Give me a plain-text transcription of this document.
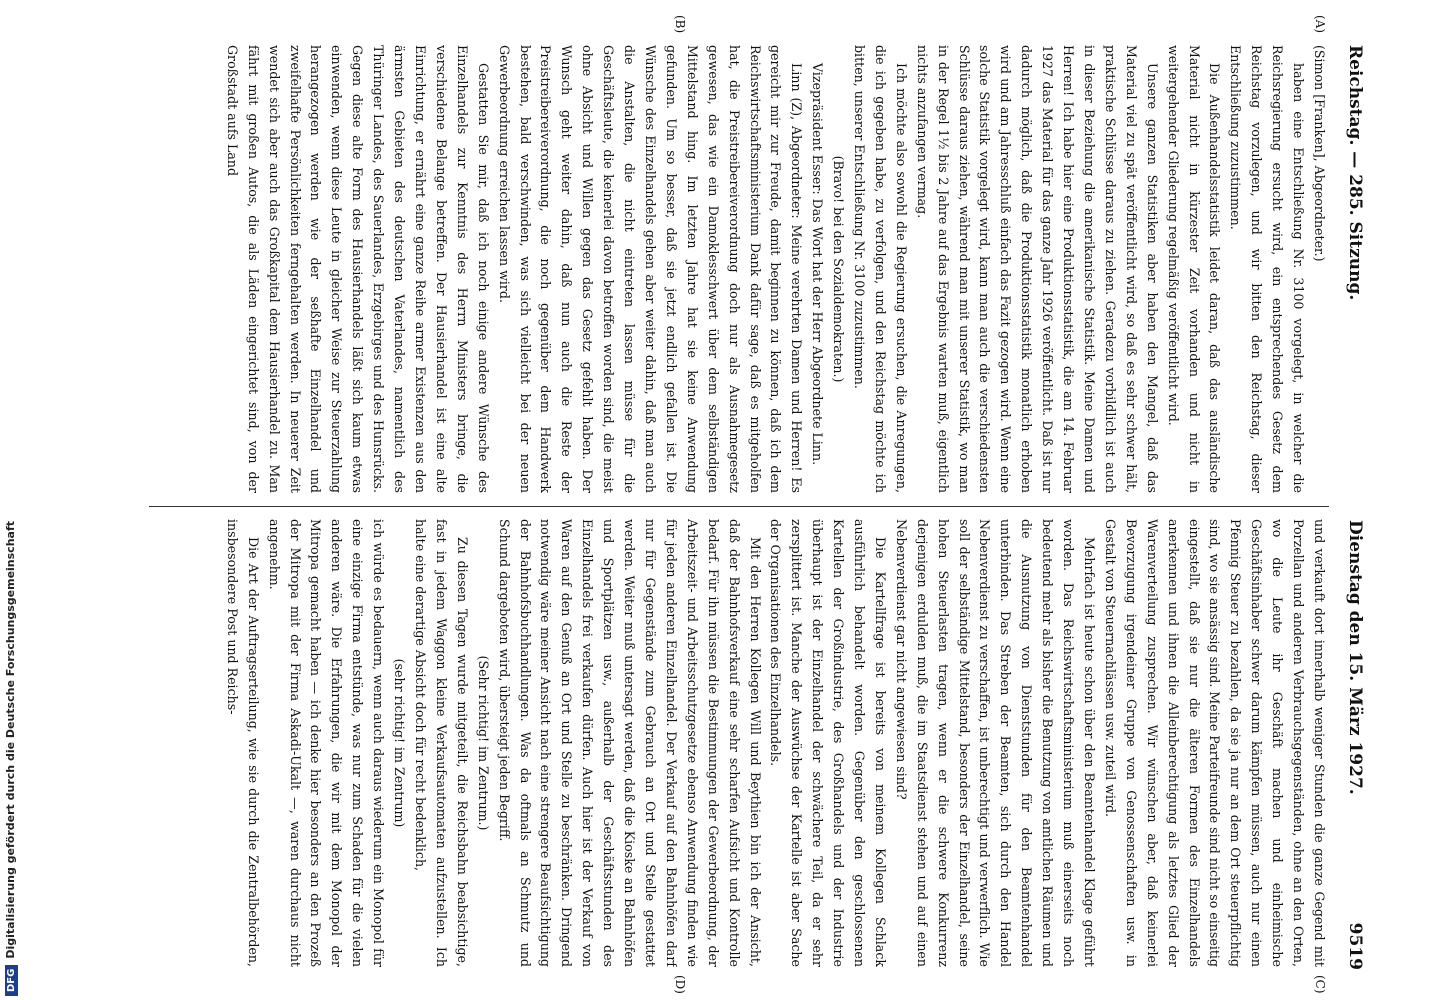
Reichstag. — 285. Sitzung.
Dienstag den 15. März 1927.
9519
(A)
(B)
(C)
(D)

(Simon [Franken], Abgeordneter.)

haben eine Entschließung Nr. 3100 vorgelegt, in welcher die Reichsregierung ersucht wird, ein entsprechendes Gesetz dem Reichstag vorzulegen, und wir bitten den Reichstag, dieser Entschließung zuzustimmen.

Die Außenhandelsstatistik leidet daran, daß das ausländische Material nicht in kürzester Zeit vorhanden und nicht in weitergehender Gliederung regelmäßig veröffentlicht wird.

Unsere ganzen Statistiken aber haben den Mangel, daß das Material viel zu spät veröffentlicht wird, so daß es sehr schwer hält, praktische Schlüsse daraus zu ziehen. Geradezu vorbildlich ist auch in dieser Beziehung die amerikanische Statistik. Meine Damen und Herren! Ich habe hier eine Produktionsstatistik, die am 14. Februar 1927 das Material für das ganze Jahr 1926 veröffentlicht. Daß ist nur dadurch möglich, daß die Produktionsstatistik monatlich erhoben wird und am Jahresschluß einfach das Fazit gezogen wird. Wenn eine solche Statistik vorgelegt wird, kann man auch die verschiedensten Schlüsse daraus ziehen, während man mit unserer Statistik, wo man in der Regel 1½ bis 2 Jahre auf das Ergebnis warten muß, eigentlich nichts anzufangen vermag.

Ich möchte also sowohl die Regierung ersuchen, die Anregungen, die ich gegeben habe, zu verfolgen, und den Reichstag möchte ich bitten, unserer Entschließung Nr. 3100 zuzustimmen.

(Bravo! bei den Sozialdemokraten.)

Vizepräsident Esser: Das Wort hat der Herr Abgeordnete Linn.

Linn (Z), Abgeordneter: Meine verehrten Damen und Herren! Es gereicht mir zur Freude, damit beginnen zu können, daß ich dem Reichswirtschaftsministerium Dank dafür sage, daß es mitgeholfen hat, die Preistreibereiverordnung doch nur als Ausnahmegesetz gewesen, das wie ein Damoklesschwert über dem selbständigen Mittelstand hing. Im letzten Jahre hat sie keine Anwendung gefunden. Um so besser, daß sie jetzt endlich gefallen ist. Die Wünsche des Einzelhandels gehen aber weiter dahin, daß man auch die Anstalten, die nicht eintreten lassen müsse für die Geschäftsleute, die keinerlei davon betroffen worden sind, die meist ohne Absicht und Willen gegen das Gesetz gefehlt haben. Der Wunsch geht weiter dahin, daß nun auch die Reste der Preistreibereiverordnung, die noch gegenüber dem Handwerk bestehen, bald verschwinden, was sich vielleicht bei der neuen Gewerbeordnung erreichen lassen wird.

Gestatten Sie mir, daß ich noch einige andere Wünsche des Einzelhandels zur Kenntnis des Herrn Ministers bringe, die verschiedene Belange betreffen. Der Hausierhandel ist eine alte Einrichtung, er ernährt eine ganze Reihe armer Existenzen aus den ärmsten Gebieten des deutschen Vaterlandes, namentlich des Thüringer Landes, des Sauerlandes, Erzgebirges und des Hunsrücks. Gegen diese alte Form des Hausierhandels läßt sich kaum etwas einwenden, wenn diese Leute in gleicher Weise zur Steuerzahlung herangezogen werden wie der seßhafte Einzelhandel und zweifelhafte Persönlichkeiten ferngehalten werden. In neuerer Zeit wendet sich aber auch das Großkapital dem Hausierhandel zu. Man fährt mit großen Autos, die als Läden eingerichtet sind, von der Großstadt aufs Land

und verkauft dort innerhalb weniger Stunden die ganze Gegend mit Porzellan und anderen Verbrauchsgegenständen, ohne an den Orten, wo die Leute ihr Geschäft machen und einheimische Geschäftsinhaber schwer darum kämpfen müssen, auch nur einen Pfennig Steuer zu bezahlen, da sie ja nur an dem Ort steuerpflichtig sind, wo sie ansässig sind. Meine Parteifreunde sind nicht so einseitig eingestellt, daß sie nur die älteren Formen des Einzelhandels anerkennen und ihnen die Alleinberechtigung als letztes Glied der Warenverteilung zusprechen. Wir wünschen aber, daß keinerlei Bevorzugung irgendeiner Gruppe von Genossenschaften usw. in Gestalt von Steuernachlässen usw. zuteil wird.

Mehrfach ist heute schon über den Beamtenhandel Klage geführt worden. Das Reichswirtschaftsministerium muß einerseits noch bedeutend mehr als bisher die Benutzung von amtlichen Räumen und die Ausnutzung von Dienststunden für den Beamtenhandel unterbinden. Das Streben der Beamten, sich durch den Handel Nebenverdienst zu verschaffen, ist unberechtigt und verwerflich. Wie soll der selbständige Mittelstand, besonders der Einzelhandel, seine hohen Steuerlasten tragen, wenn er die schwere Konkurrenz derjenigen erdulden muß, die im Staatsdienst stehen und auf einen Nebenverdienst gar nicht angewiesen sind?

Die Kartellfrage ist bereits von meinem Kollegen Schlack ausführlich behandelt worden. Gegenüber den geschlossenen Kartellen der Großindustrie, des Großhandels und der Industrie überhaupt ist der Einzelhandel der schwächere Teil, da er sehr zersplittert ist. Manche der Auswüchse der Kartelle ist aber Sache der Organisationen des Einzelhandels.

Mit den Herren Kollegen Will und Beythien bin ich der Ansicht, daß der Bahnhofsverkauf eine sehr scharfen Aufsicht und Kontrolle bedarf. Für ihn müssen die Bestimmungen der Gewerbeordnung, der Arbeitszeit- und Arbeitsschutzgesetze ebenso Anwendung finden wie für jeden anderen Einzelhandel. Der Verkauf auf den Bahnhöfen darf nur für Gegenstände zum Gebrauch an Ort und Stelle gestattet werden. Weiter muß untersagt werden, daß die Kioske an Bahnhöfen und Sportplätzen usw., außerhalb der Geschäftsstunden des Einzelhandels frei verkaufen dürfen. Auch hier ist der Verkauf von Waren auf den Genuß an Ort und Stelle zu beschränken. Dringend notwendig wäre meiner Ansicht nach eine strengere Beaufsichtigung der Bahnhofsbuchhandlungen. Was da oftmals an Schmutz und Schund dargeboten wird, übersteigt jeden Begriff.

(Sehr richtig! im Zentrum.)

Zu diesen Tagen wurde mitgeteilt, die Reichsbahn beabsichtige, fast in jedem Waggon kleine Verkaufsautomaten aufzustellen. Ich halte eine derartige Absicht doch für recht bedenklich,

(sehr richtig! im Zentrum)

ich würde es bedauern, wenn auch daraus wiederum ein Monopol für eine einzige Firma entstünde, was nur zum Schaden für die vielen anderen wäre. Die Erfahrungen, die wir mit dem Monopol der Mitropa gemacht haben — ich denke hier besonders an den Prozeß der Mitropa mit der Firma Askadi-Ukalt —, waren durchaus nicht angenehm.

Die Art der Auftragserteilung, wie sie durch die Zentralbehörden, insbesondere Post und Reichs-

DFGDigitalisierung gefördert durch die Deutsche Forschungsgemeinschaft
